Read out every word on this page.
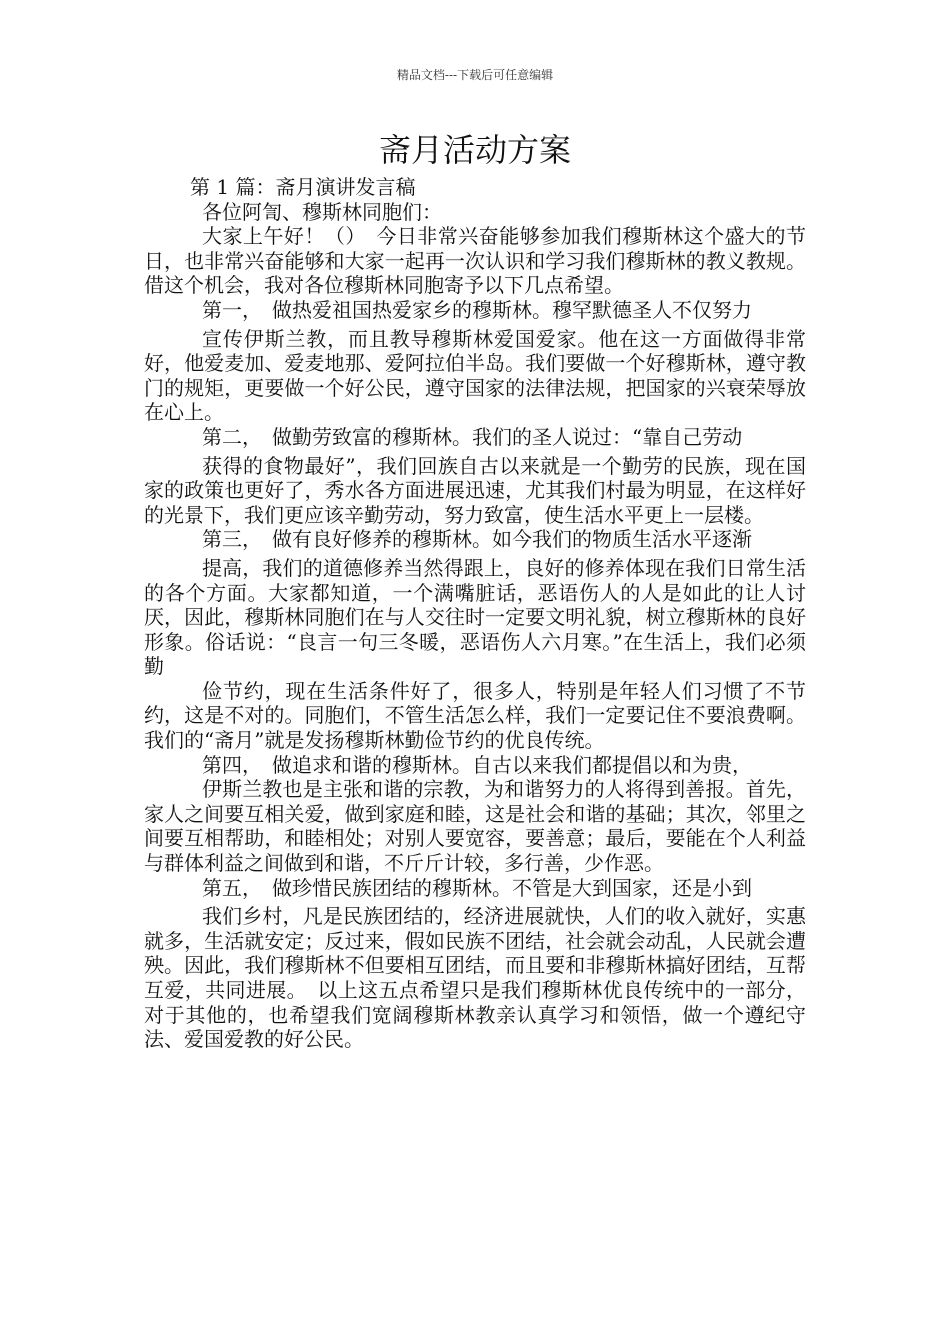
精品文档---下载后可任意编辑
斋月活动方案

第 1 篇：斋月演讲发言稿

各位阿訇、穆斯林同胞们：

大家上午好！（）　今日非常兴奋能够参加我们穆斯林这个盛大的节日，也非常兴奋能够和大家一起再一次认识和学习我们穆斯林的教义教规。借这个机会，我对各位穆斯林同胞寄予以下几点希望。

第一，　做热爱祖国热爱家乡的穆斯林。穆罕默德圣人不仅努力

宣传伊斯兰教，而且教导穆斯林爱国爱家。他在这一方面做得非常好，他爱麦加、爱麦地那、爱阿拉伯半岛。我们要做一个好穆斯林，遵守教门的规矩，更要做一个好公民，遵守国家的法律法规，把国家的兴衰荣辱放在心上。

第二，　做勤劳致富的穆斯林。我们的圣人说过：“靠自己劳动

获得的食物最好”，我们回族自古以来就是一个勤劳的民族，现在国家的政策也更好了，秀水各方面进展迅速，尤其我们村最为明显，在这样好的光景下，我们更应该辛勤劳动，努力致富，使生活水平更上一层楼。

第三，　做有良好修养的穆斯林。如今我们的物质生活水平逐渐

提高，我们的道德修养当然得跟上，良好的修养体现在我们日常生活的各个方面。大家都知道，一个满嘴脏话，恶语伤人的人是如此的让人讨厌，因此，穆斯林同胞们在与人交往时一定要文明礼貌，树立穆斯林的良好形象。俗话说：“良言一句三冬暖，恶语伤人六月寒。”在生活上，我们必须勤

俭节约，现在生活条件好了，很多人，特别是年轻人们习惯了不节约，这是不对的。同胞们，不管生活怎么样，我们一定要记住不要浪费啊。我们的“斋月”就是发扬穆斯林勤俭节约的优良传统。

第四，　做追求和谐的穆斯林。自古以来我们都提倡以和为贵，

伊斯兰教也是主张和谐的宗教，为和谐努力的人将得到善报。首先，家人之间要互相关爱，做到家庭和睦，这是社会和谐的基础；其次，邻里之间要互相帮助，和睦相处；对别人要宽容，要善意；最后，要能在个人利益与群体利益之间做到和谐，不斤斤计较，多行善，少作恶。

第五，　做珍惜民族团结的穆斯林。不管是大到国家，还是小到

我们乡村，凡是民族团结的，经济进展就快，人们的收入就好，实惠就多，生活就安定；反过来，假如民族不团结，社会就会动乱，人民就会遭殃。因此，我们穆斯林不但要相互团结，而且要和非穆斯林搞好团结，互帮互爱，共同进展。　以上这五点希望只是我们穆斯林优良传统中的一部分，对于其他的，也希望我们宽阔穆斯林教亲认真学习和领悟，做一个遵纪守法、爱国爱教的好公民。
